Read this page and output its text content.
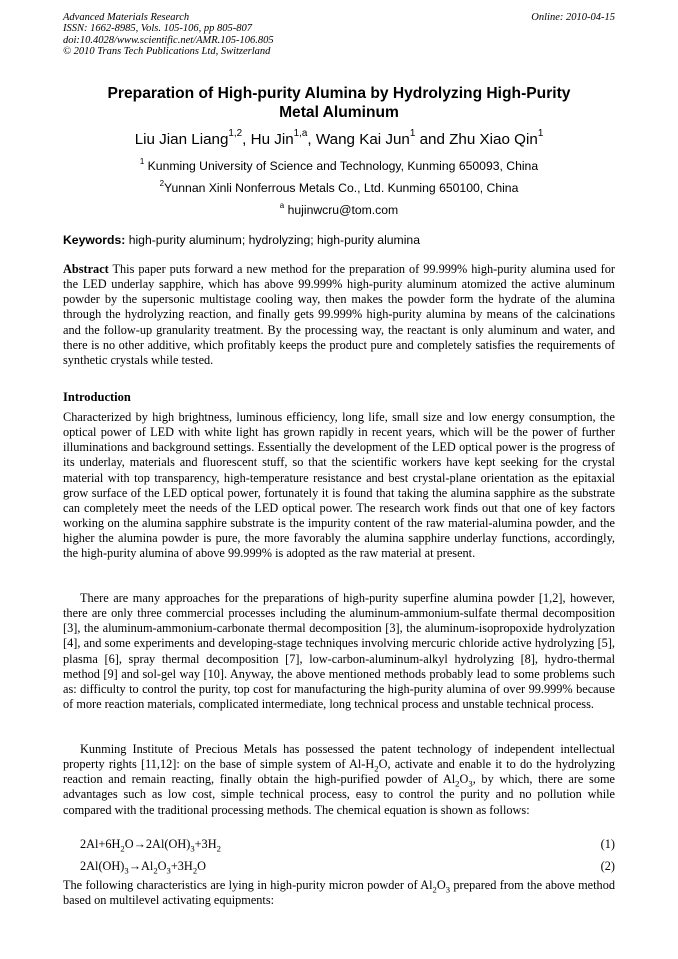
Advanced Materials Research
ISSN: 1662-8985, Vols. 105-106, pp 805-807
doi:10.4028/www.scientific.net/AMR.105-106.805
© 2010 Trans Tech Publications Ltd, Switzerland
Online: 2010-04-15
Preparation of High-purity Alumina by Hydrolyzing High-Purity
Metal Aluminum
Liu Jian Liang$^{1,2}$, Hu Jin$^{1,a}$, Wang Kai Jun$^1$ and Zhu Xiao Qin$^1$
$^1$ Kunming University of Science and Technology, Kunming 650093, China
$^2$Yunnan Xinli Nonferrous Metals Co., Ltd. Kunming 650100, China
$^a$ hujinwcru@tom.com
Keywords: high-purity aluminum; hydrolyzing; high-purity alumina
Abstract This paper puts forward a new method for the preparation of 99.999% high-purity alumina used for the LED underlay sapphire, which has above 99.999% high-purity aluminum atomized the active aluminum powder by the supersonic multistage cooling way, then makes the powder form the hydrate of the alumina through the hydrolyzing reaction, and finally gets 99.999% high-purity alumina by means of the calcinations and the follow-up granularity treatment. By the processing way, the reactant is only aluminum and water, and there is no other additive, which profitably keeps the product pure and completely satisfies the requirements of synthetic crystals while tested.
Introduction
Characterized by high brightness, luminous efficiency, long life, small size and low energy consumption, the optical power of LED with white light has grown rapidly in recent years, which will be the power of further illuminations and background settings. Essentially the development of the LED optical power is the progress of its underlay, materials and fluorescent stuff, so that the scientific workers have kept seeking for the crystal material with top transparency, high-temperature resistance and best crystal-plane orientation as the epitaxial grow surface of the LED optical power, fortunately it is found that taking the alumina sapphire as the substrate can completely meet the needs of the LED optical power. The research work finds out that one of key factors working on the alumina sapphire substrate is the impurity content of the raw material-alumina powder, and the higher the alumina powder is pure, the more favorably the alumina sapphire underlay functions, accordingly, the high-purity alumina of above 99.999% is adopted as the raw material at present.
There are many approaches for the preparations of high-purity superfine alumina powder [1,2], however, there are only three commercial processes including the aluminum-ammonium-sulfate thermal decomposition [3], the aluminum-ammonium-carbonate thermal decomposition [3], the aluminum-isopropoxide hydrolyzation [4], and some experiments and developing-stage techniques involving mercuric chloride active hydrolyzing [5], plasma [6], spray thermal decomposition [7], low-carbon-aluminum-alkyl hydrolyzing [8], hydro-thermal method [9] and sol-gel way [10]. Anyway, the above mentioned methods probably lead to some problems such as: difficulty to control the purity, top cost for manufacturing the high-purity alumina of over 99.999% because of more reaction materials, complicated intermediate, long technical process and unstable technical process.
Kunming Institute of Precious Metals has possessed the patent technology of independent intellectual property rights [11,12]: on the base of simple system of $Al-H_2O$, activate and enable it to do the hydrolyzing reaction and remain reacting, finally obtain the high-purified powder of $Al_2O_3$, by which, there are some advantages such as low cost, simple technical process, easy to control the purity and no pollution while compared with the traditional processing methods. The chemical equation is shown as follows:
$2Al+6H_2O\to 2Al(OH)_3+3H_2$	(1)
$2Al(OH)_3\to Al_2O_3+3H_2O$	(2)
The following characteristics are lying in high-purity micron powder of $Al_2O_3$ prepared from the above method based on multilevel activating equipments:
